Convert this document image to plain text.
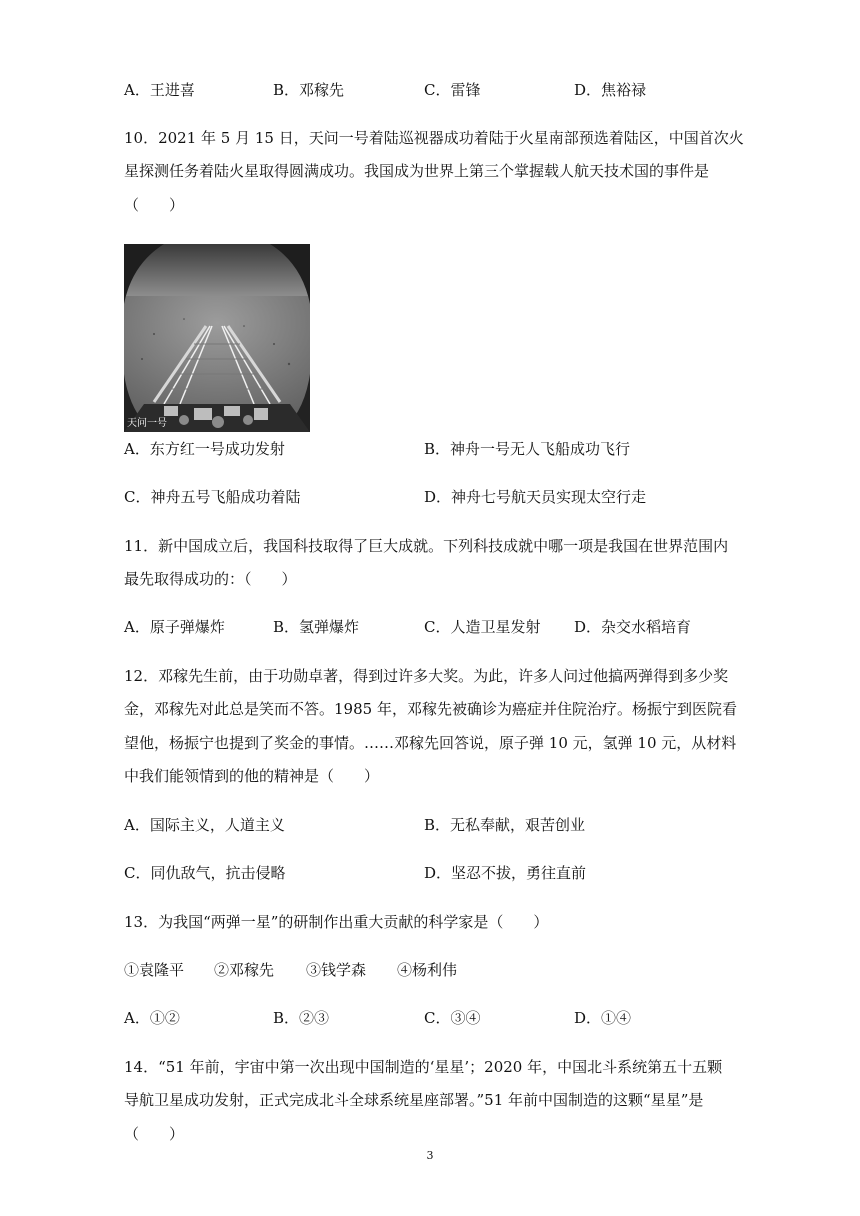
A．王进喜	B．邓稼先	C．雷锋	D．焦裕禄
10．2021 年 5 月 15 日，天问一号着陆巡视器成功着陆于火星南部预选着陆区，中国首次火
星探测任务着陆火星取得圆满成功。我国成为世界上第三个掌握载人航天技术国的事件是
（　　）
天问一号
A．东方红一号成功发射	B．神舟一号无人飞船成功飞行
C．神舟五号飞船成功着陆	D．神舟七号航天员实现太空行走
11．新中国成立后，我国科技取得了巨大成就。下列科技成就中哪一项是我国在世界范围内
最先取得成功的：（　　）
A．原子弹爆炸	B．氢弹爆炸	C．人造卫星发射 D．杂交水稻培育
12．邓稼先生前，由于功勋卓著，得到过许多大奖。为此，许多人问过他搞两弹得到多少奖
金，邓稼先对此总是笑而不答。1985 年，邓稼先被确诊为癌症并住院治疗。杨振宁到医院看
望他，杨振宁也提到了奖金的事情。……邓稼先回答说，原子弹 10 元，氢弹 10 元，从材料
中我们能领情到的他的精神是（　　）
A．国际主义，人道主义	B．无私奉献，艰苦创业
C．同仇敌气，抗击侵略	D．坚忍不拔，勇往直前
13．为我国“两弹一星”的研制作出重大贡献的科学家是（　　）
①袁隆平 ②邓稼先 ③钱学森 ④杨利伟
A．①②	B．②③	C．③④	D．①④
14．“51 年前，宇宙中第一次出现中国制造的‘星星’；2020 年，中国北斗系统第五十五颗
导航卫星成功发射，正式完成北斗全球系统星座部署。”51 年前中国制造的这颗“星星”是
（　　）
3
